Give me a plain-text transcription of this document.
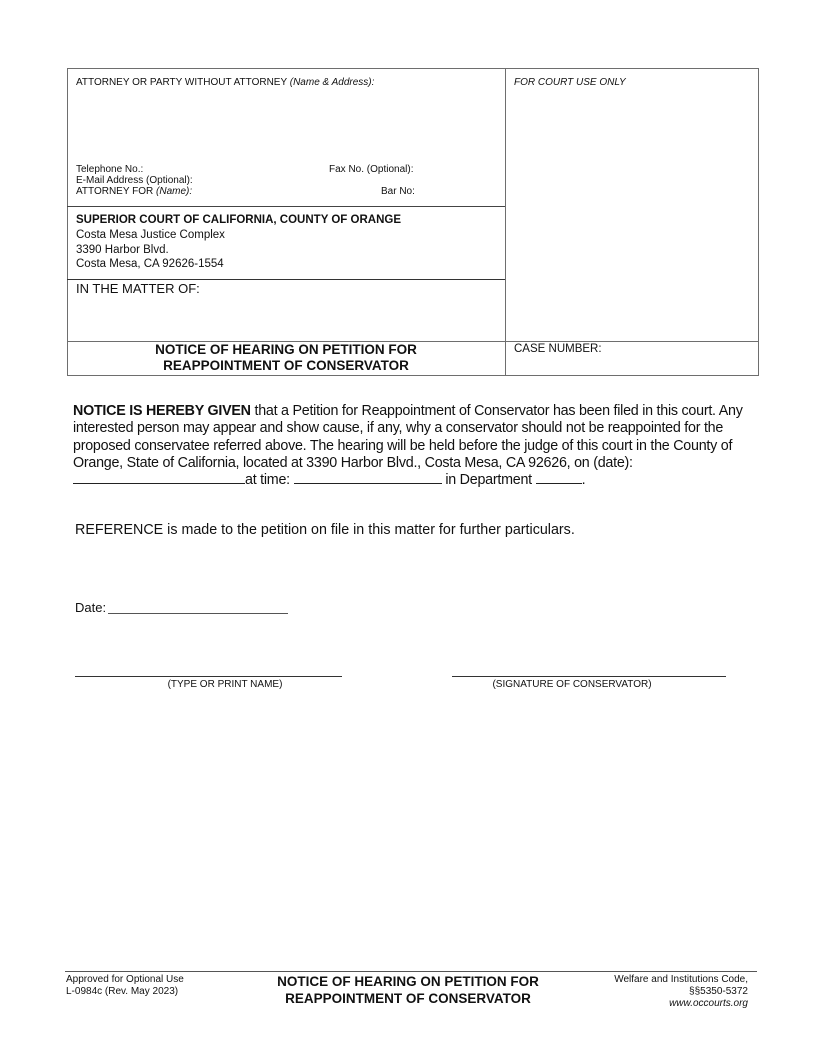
ATTORNEY OR PARTY WITHOUT ATTORNEY (Name & Address):
Telephone No.:	Fax No. (Optional):
E-Mail Address (Optional):
ATTORNEY FOR (Name):	Bar No:
SUPERIOR COURT OF CALIFORNIA, COUNTY OF ORANGE
Costa Mesa Justice Complex
3390 Harbor Blvd.
Costa Mesa, CA 92626-1554
IN THE MATTER OF:
NOTICE OF HEARING ON PETITION FOR
REAPPOINTMENT OF CONSERVATOR
FOR COURT USE ONLY
CASE NUMBER:
NOTICE IS HEREBY GIVEN that a Petition for Reappointment of Conservator has been filed in this court. Any interested person may appear and show cause, if any, why a conservator should not be reappointed for the proposed conservatee referred above. The hearing will be held before the judge of this court in the County of Orange, State of California, located at 3390 Harbor Blvd., Costa Mesa, CA 92626, on (date): at time:	in Department	.
REFERENCE is made to the petition on file in this matter for further particulars.
Date:
(TYPE OR PRINT NAME)	(SIGNATURE OF CONSERVATOR)
Approved for Optional Use
L-0984c (Rev. May 2023)
NOTICE OF HEARING ON PETITION FOR
REAPPOINTMENT OF CONSERVATOR
Welfare and Institutions Code,
§§5350-5372
www.occourts.org
